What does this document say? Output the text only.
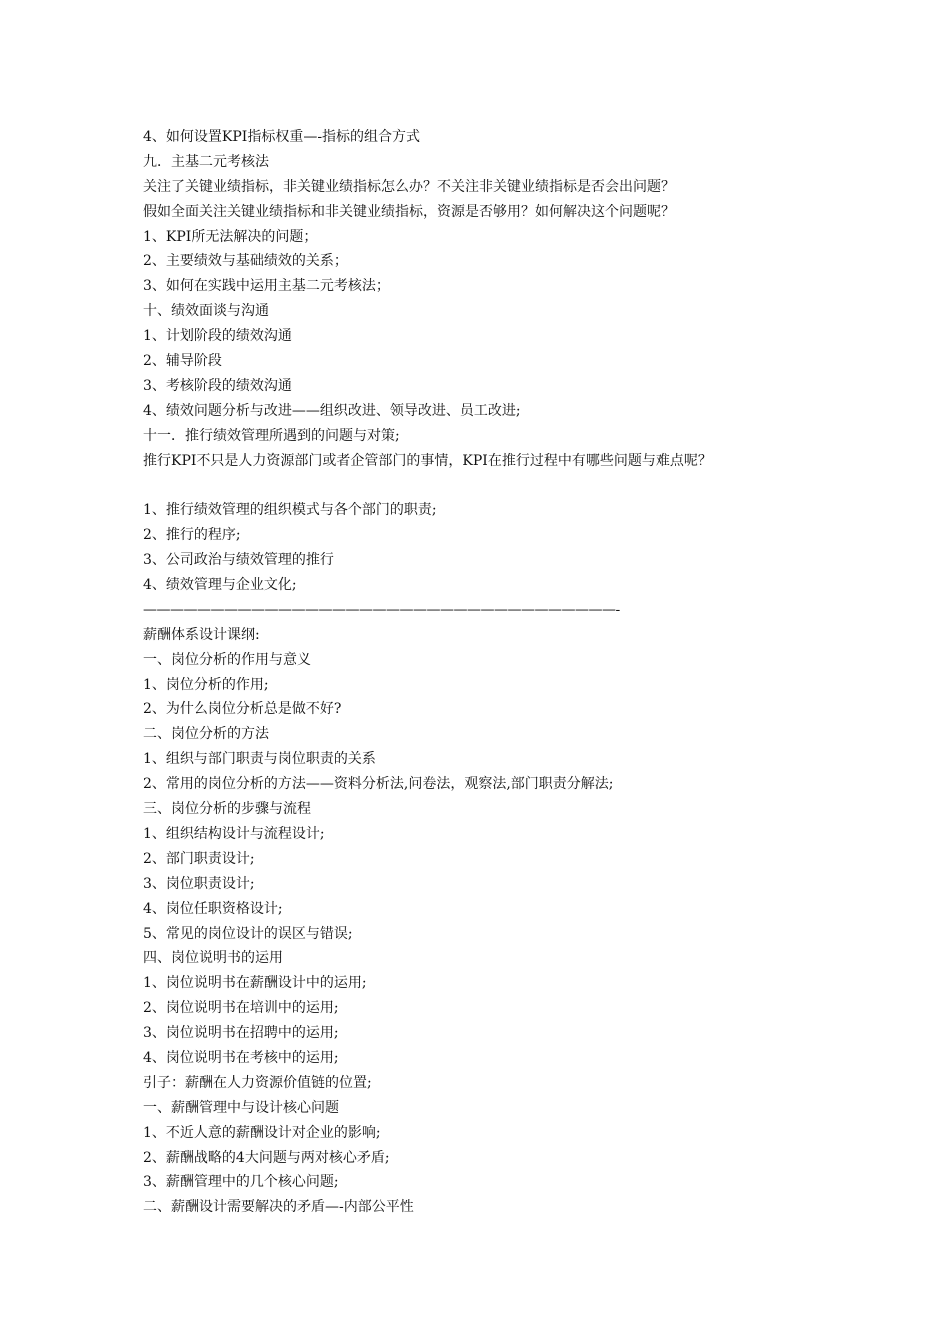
4、如何设置KPI指标权重—-指标的组合方式
九．主基二元考核法
关注了关键业绩指标，非关键业绩指标怎么办？不关注非关键业绩指标是否会出问题？
假如全面关注关键业绩指标和非关键业绩指标，资源是否够用？如何解决这个问题呢？
1、KPI所无法解决的问题；
2、主要绩效与基础绩效的关系；
3、如何在实践中运用主基二元考核法；
十、绩效面谈与沟通
1、计划阶段的绩效沟通
2、辅导阶段
3、考核阶段的绩效沟通
4、绩效问题分析与改进——组织改进、领导改进、员工改进;
十一．推行绩效管理所遇到的问题与对策;
推行KPI不只是人力资源部门或者企管部门的事情，KPI在推行过程中有哪些问题与难点呢？
1、推行绩效管理的组织模式与各个部门的职责;
2、推行的程序;
3、公司政治与绩效管理的推行
4、绩效管理与企业文化;
———————————————————————————————————-
薪酬体系设计课纲:
一、岗位分析的作用与意义
1、岗位分析的作用;
2、为什么岗位分析总是做不好?
二、岗位分析的方法
1、组织与部门职责与岗位职责的关系
2、常用的岗位分析的方法——资料分析法,问卷法，观察法,部门职责分解法;
三、岗位分析的步骤与流程
1、组织结构设计与流程设计;
2、部门职责设计;
3、岗位职责设计;
4、岗位任职资格设计;
5、常见的岗位设计的误区与错误;
四、岗位说明书的运用
1、岗位说明书在薪酬设计中的运用;
2、岗位说明书在培训中的运用;
3、岗位说明书在招聘中的运用;
4、岗位说明书在考核中的运用;
引子：薪酬在人力资源价值链的位置;
一、薪酬管理中与设计核心问题
1、不近人意的薪酬设计对企业的影响;
2、薪酬战略的4大问题与两对核心矛盾;
3、薪酬管理中的几个核心问题;
二、薪酬设计需要解决的矛盾—-内部公平性
